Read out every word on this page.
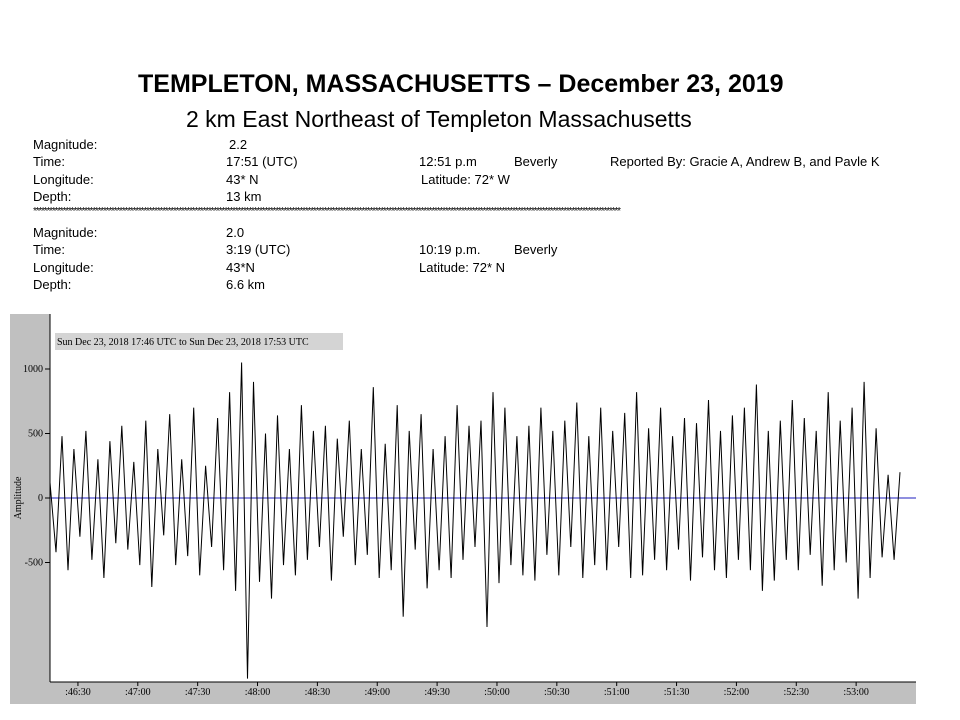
TEMPLETON, MASSACHUSETTS – December 23, 2019
2 km East Northeast of Templeton Massachusetts
Magnitude:	2.2
Time:	17:51 (UTC)	12:51 p.m	Beverly	Reported By: Gracie A, Andrew B, and Pavle K
Longitude:	43* N	Latitude: 72* W
Depth:	13 km
**************************************************************************************************************************************************************************************************************************
Magnitude:	2.0
Time:	3:19 (UTC)	10:19 p.m.	Beverly
Longitude:	43*N	Latitude: 72* N
Depth:	6.6 km
1000
500
0
-500
:46:30	:47:00	:47:30	:48:00	:48:30	:49:00	:49:30	:50:00	:50:30	:51:00	:51:30	:52:00	:52:30	:53:00
Sun Dec 23, 2018 17:46 UTC to Sun Dec 23, 2018 17:53 UTC
Amplitude
